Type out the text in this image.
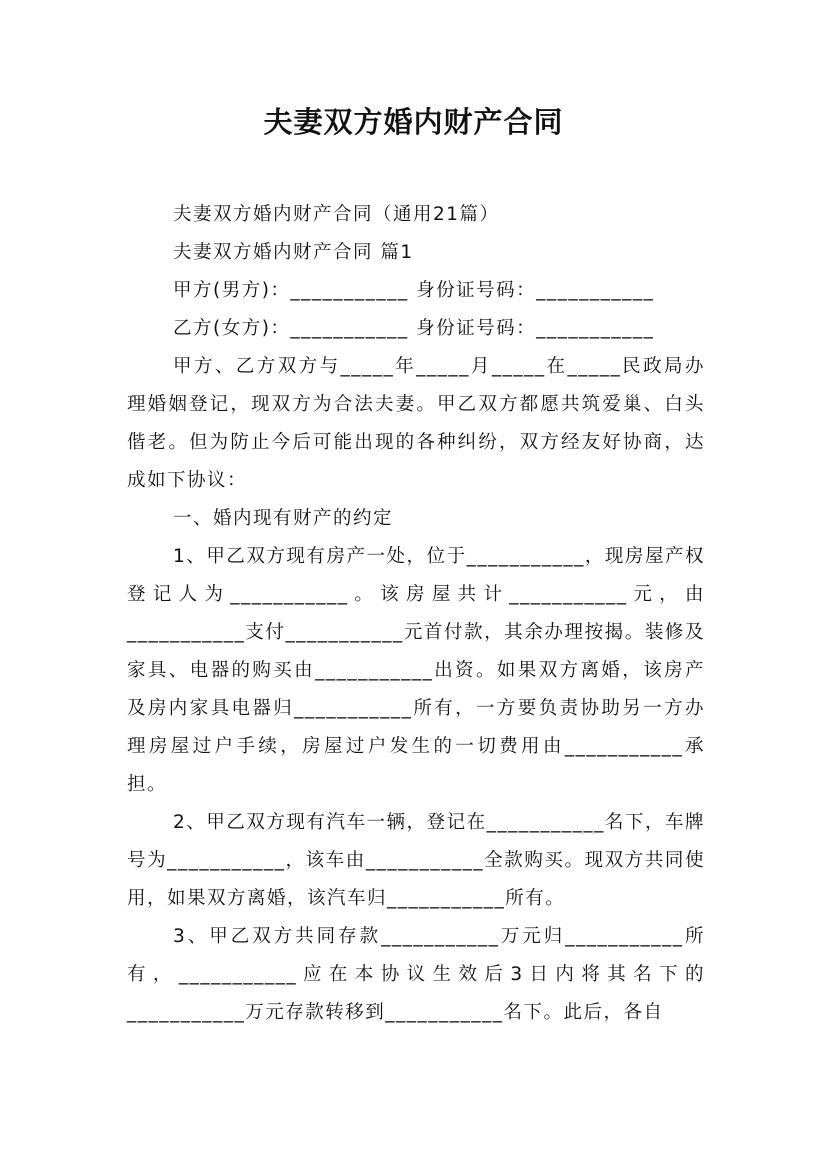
夫妻双方婚内财产合同

夫妻双方婚内财产合同（通用21篇）

夫妻双方婚内财产合同 篇1

甲方(男方)：___________ 身份证号码：___________

乙方(女方)：___________ 身份证号码：___________

甲方、乙方双方与_____年_____月_____在_____民政局办理婚姻登记，现双方为合法夫妻。甲乙双方都愿共筑爱巢、白头偕老。但为防止今后可能出现的各种纠纷，双方经友好协商，达成如下协议：

一、婚内现有财产的约定

1、甲乙双方现有房产一处，位于___________，现房屋产权登记人为___________。该房屋共计___________元，由___________支付___________元首付款，其余办理按揭。装修及家具、电器的购买由___________出资。如果双方离婚，该房产及房内家具电器归___________所有，一方要负责协助另一方办理房屋过户手续，房屋过户发生的一切费用由___________承担。

2、甲乙双方现有汽车一辆，登记在___________名下，车牌号为___________，该车由___________全款购买。现双方共同使用，如果双方离婚，该汽车归___________所有。

3、甲乙双方共同存款___________万元归___________所有，___________应在本协议生效后3日内将其名下的___________万元存款转移到___________名下。此后，各自
